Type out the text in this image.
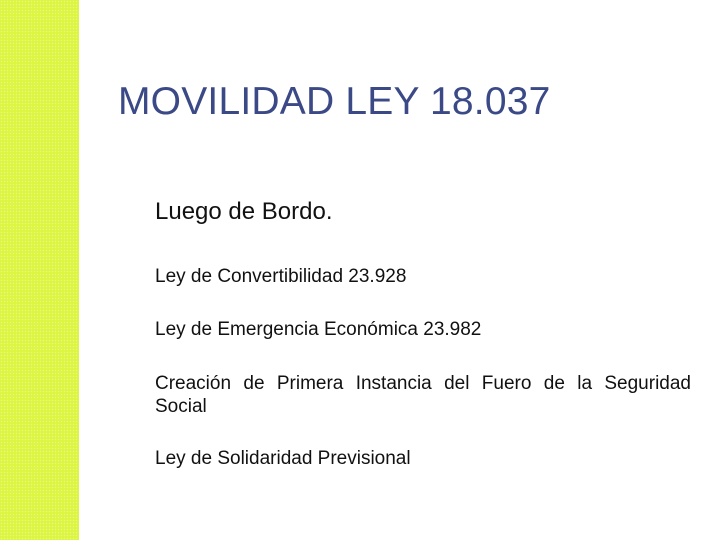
MOVILIDAD LEY 18.037

Luego de Bordo.

Ley de Convertibilidad 23.928

Ley de Emergencia Económica 23.982

Creación de Primera Instancia del Fuero de la Seguridad Social

Ley de Solidaridad Previsional
